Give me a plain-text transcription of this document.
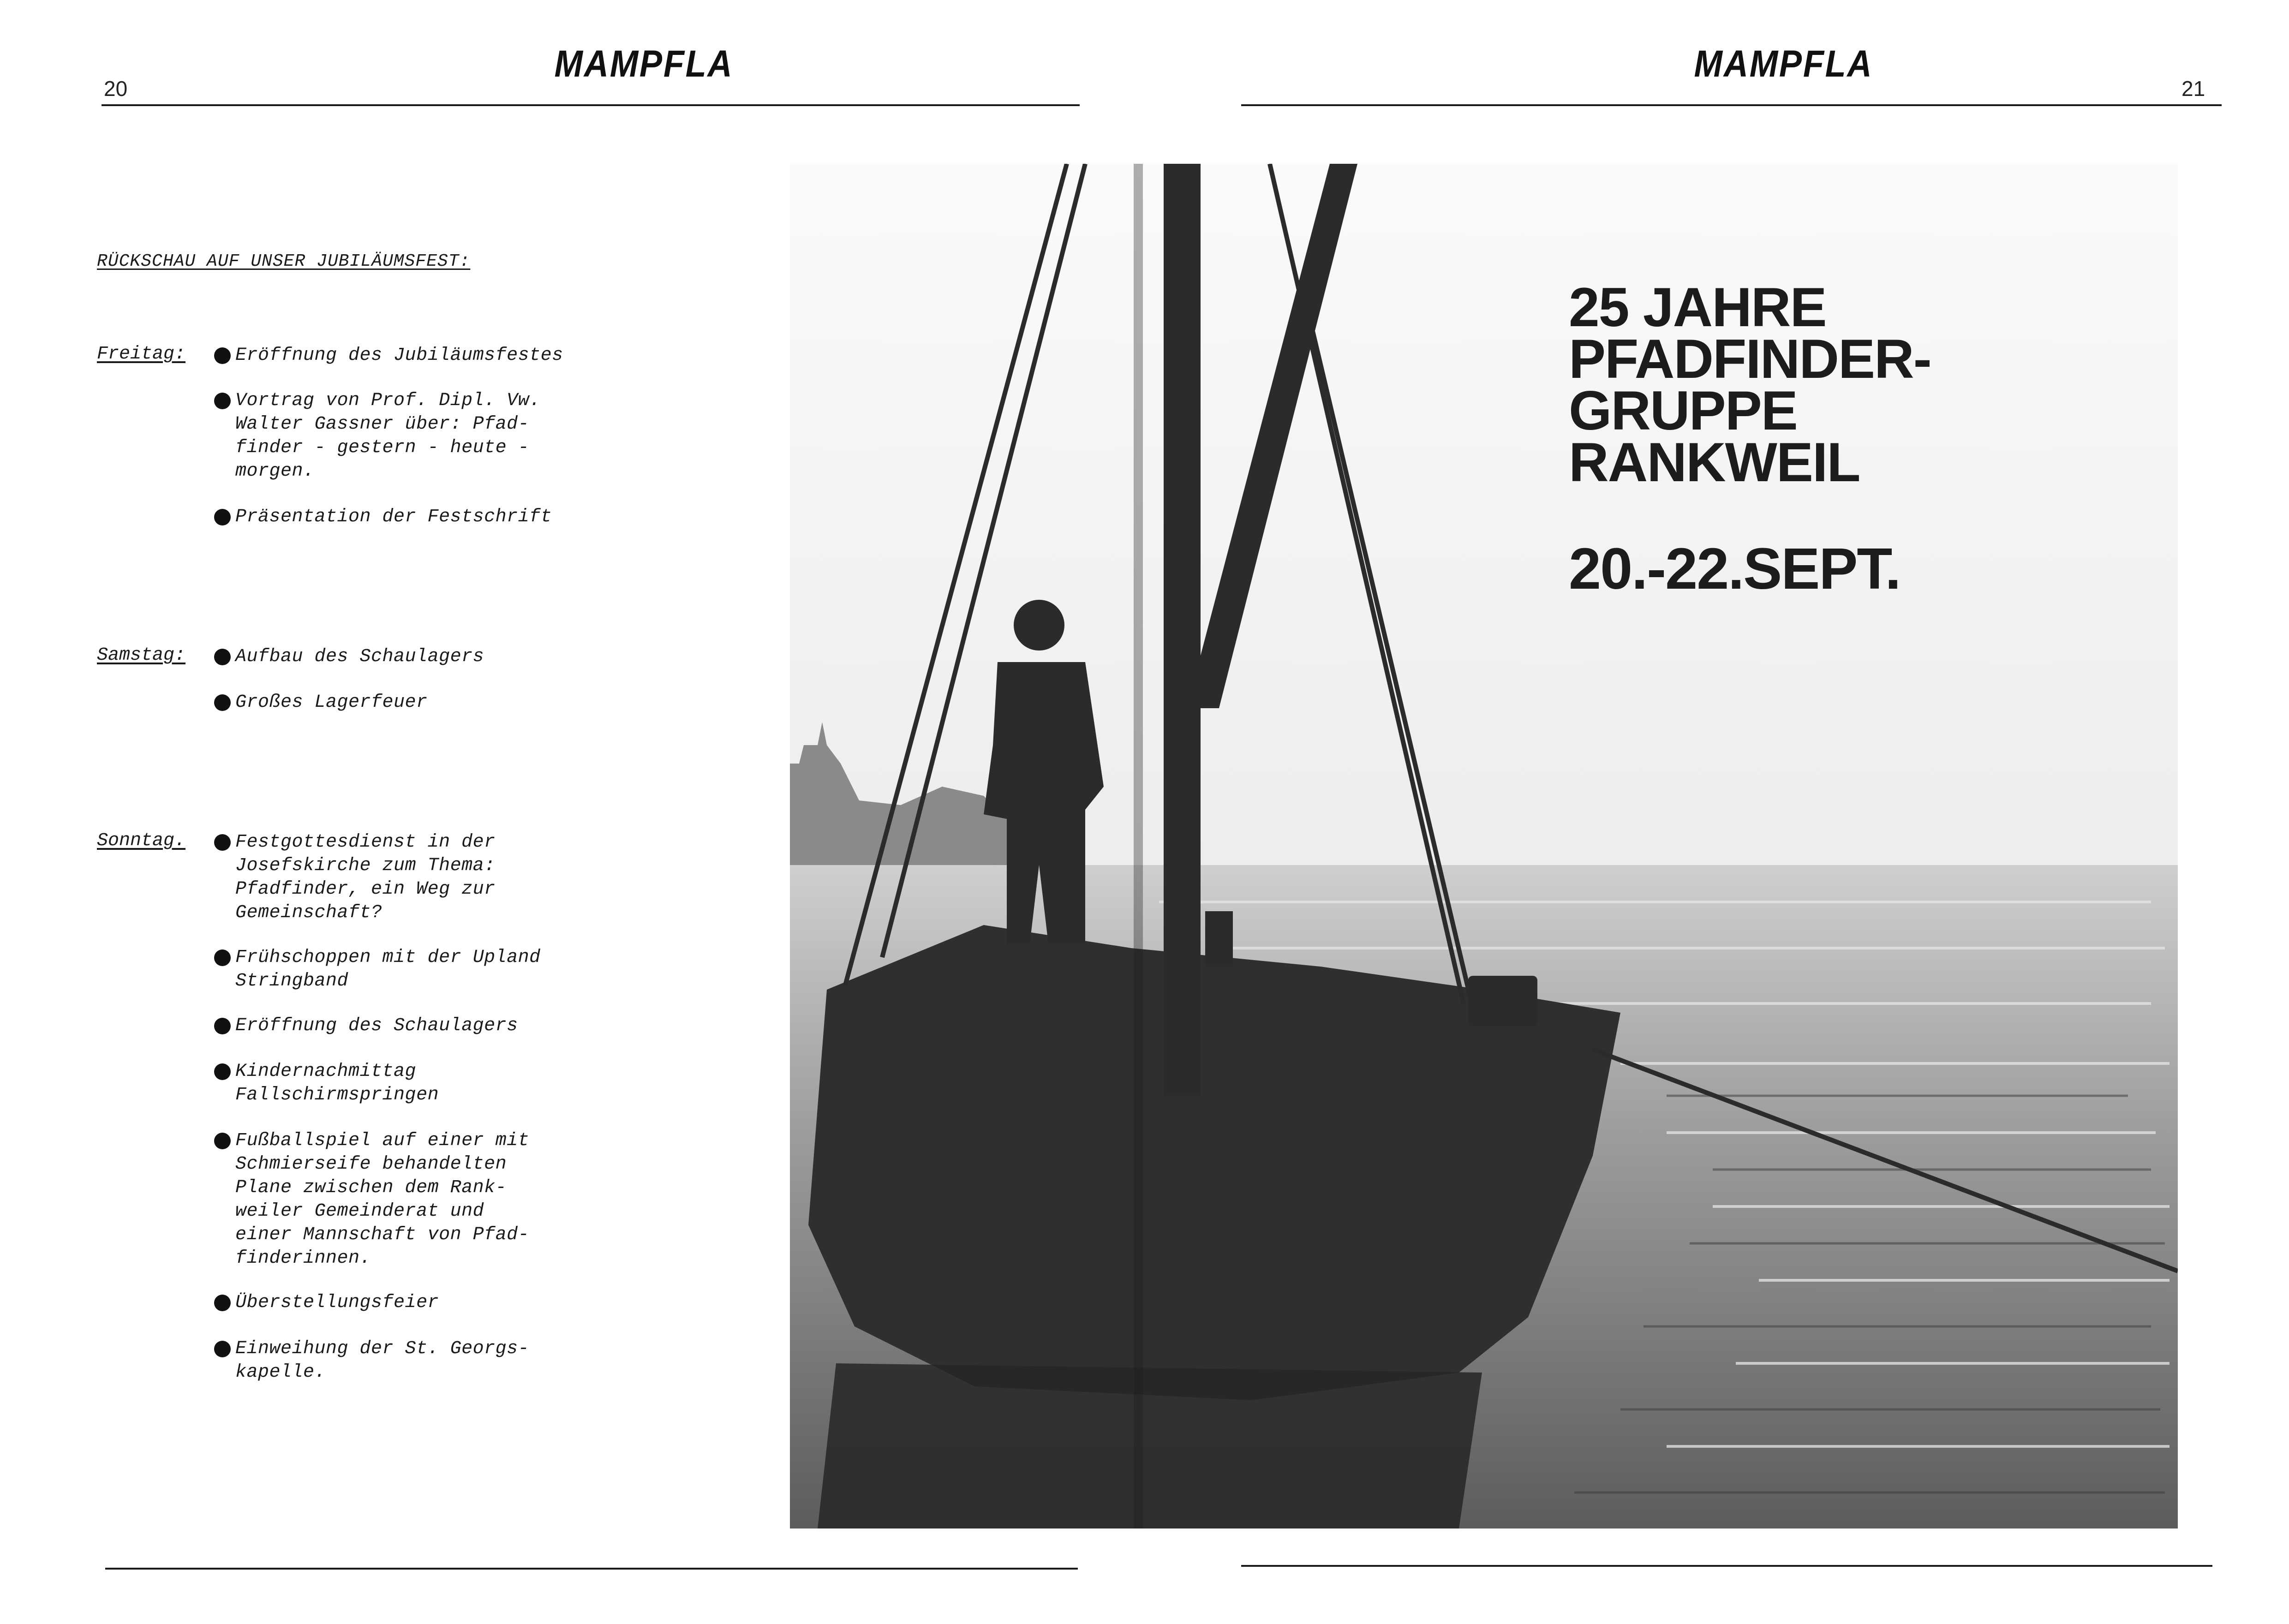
20
MAMPFLA
RÜCKSCHAU AUF UNSER JUBILÄUMSFEST:
Freitag:	Eröffnung des Jubiläumsfestes
Vortrag von Prof. Dipl. Vw.
Walter Gassner über: Pfad-
finder - gestern - heute -
morgen.
Präsentation der Festschrift
Samstag:	Aufbau des Schaulagers
Großes Lagerfeuer
Sonntag.	Festgottesdienst in der
Josefskirche zum Thema:
Pfadfinder, ein Weg zur
Gemeinschaft?
Frühschoppen mit der Upland
Stringband
Eröffnung des Schaulagers
Kindernachmittag
Fallschirmspringen
Fußballspiel auf einer mit
Schmierseife behandelten
Plane zwischen dem Rank-
weiler Gemeinderat und
einer Mannschaft von Pfad-
finderinnen.
Überstellungsfeier
Einweihung der St. Georgs-
kapelle.
MAMPFLA
21
25 JAHRE
PFADFINDER-
GRUPPE
RANKWEIL
20.-22.SEPT.
